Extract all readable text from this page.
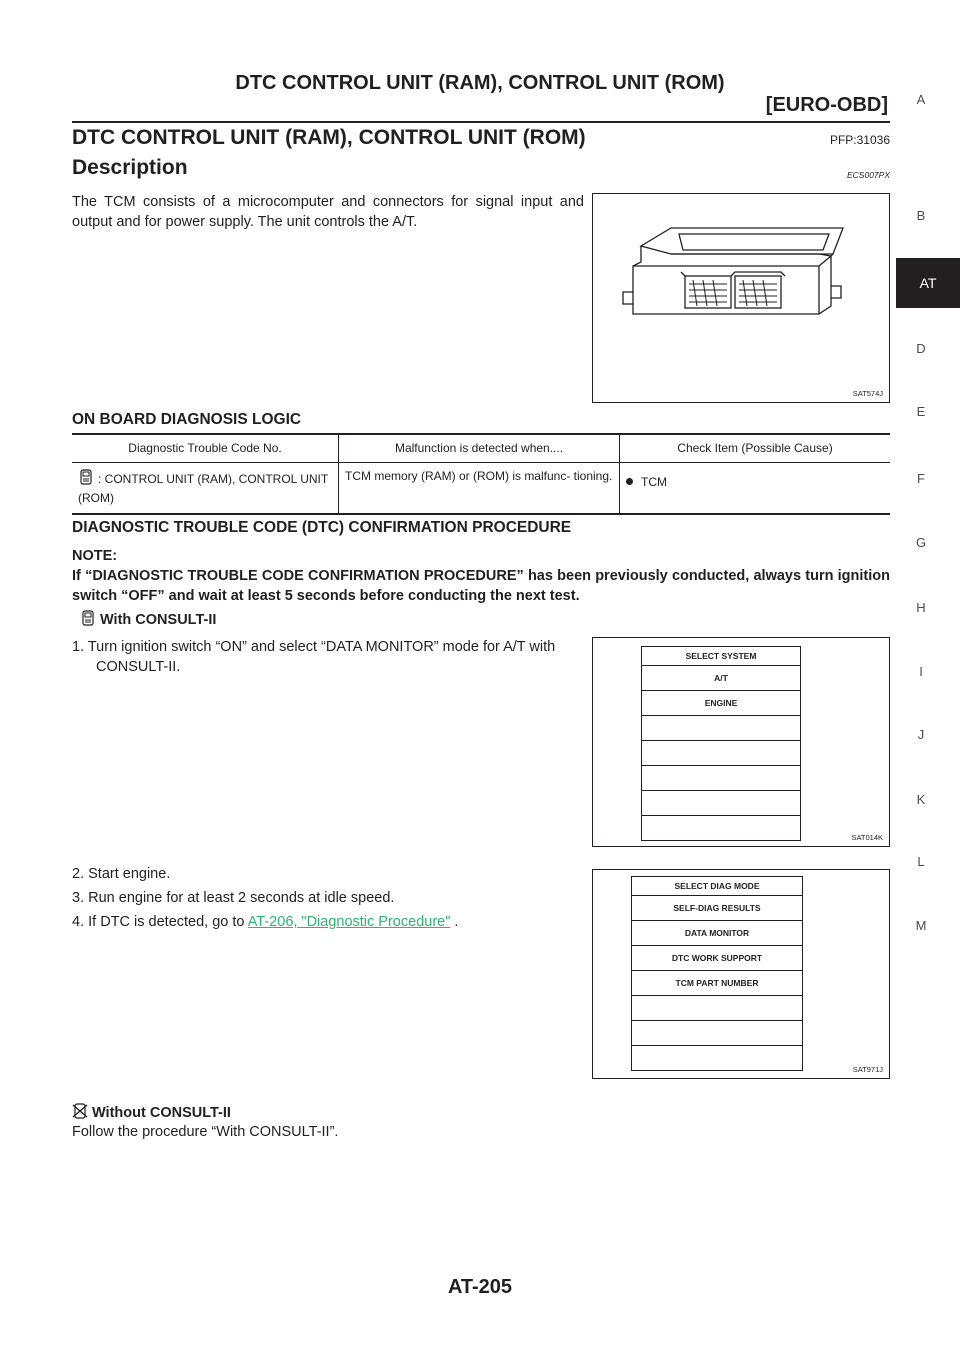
DTC CONTROL UNIT (RAM), CONTROL UNIT (ROM)
[EURO-OBD]
DTC CONTROL UNIT (RAM), CONTROL UNIT (ROM)	PFP:31036
Description	ECS007PX
The TCM consists of a microcomputer and connectors for signal input and output and for power supply. The unit controls the A/T.
SAT574J
ON BOARD DIAGNOSIS LOGIC
Diagnostic Trouble Code No.	Malfunction is detected when....	Check Item (Possible Cause)
: CONTROL UNIT (RAM), CONTROL UNIT (ROM)	TCM memory (RAM) or (ROM) is malfunc- tioning.	TCM
DIAGNOSTIC TROUBLE CODE (DTC) CONFIRMATION PROCEDURE
NOTE:
If “DIAGNOSTIC TROUBLE CODE CONFIRMATION PROCEDURE” has been previously conducted, always turn ignition switch “OFF” and wait at least 5 seconds before conducting the next test.
With CONSULT-II
1. Turn ignition switch “ON” and select “DATA MONITOR” mode for A/T with CONSULT-II.
SELECT SYSTEM
A/T
ENGINE
SAT014K
2. Start engine.
3. Run engine for at least 2 seconds at idle speed.
4. If DTC is detected, go to AT-206, "Diagnostic Procedure" .
SELECT DIAG MODE
SELF-DIAG RESULTS
DATA MONITOR
DTC WORK SUPPORT
TCM PART NUMBER
SAT971J
Without CONSULT-II
Follow the procedure “With CONSULT-II”.
A
B
AT
D
E
F
G
H
I
J
K
L
M
AT-205
